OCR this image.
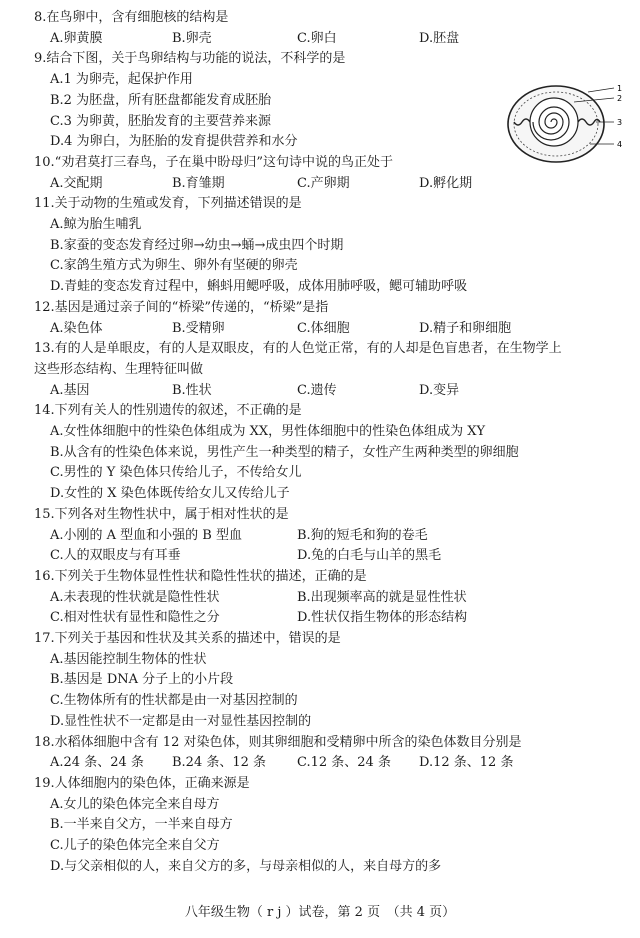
8.在鸟卵中，含有细胞核的结构是
A.卵黄膜	B.卵壳	C.卵白	D.胚盘
9.结合下图，关于鸟卵结构与功能的说法，不科学的是
A.1 为卵壳，起保护作用
B.2 为胚盘，所有胚盘都能发育成胚胎
C.3 为卵黄，胚胎发育的主要营养来源
D.4 为卵白，为胚胎的发育提供营养和水分
10.“劝君莫打三春鸟，子在巢中盼母归”这句诗中说的鸟正处于
A.交配期	B.育雏期	C.产卵期	D.孵化期
11.关于动物的生殖或发育，下列描述错误的是
A.鲸为胎生哺乳
B.家蚕的变态发育经过卵→幼虫→蛹→成虫四个时期
C.家鸽生殖方式为卵生、卵外有坚硬的卵壳
D.青蛙的变态发育过程中，蝌蚪用鳃呼吸，成体用肺呼吸，鳃可辅助呼吸
12.基因是通过亲子间的“桥梁”传递的，“桥梁”是指
A.染色体	B.受精卵	C.体细胞	D.精子和卵细胞
13.有的人是单眼皮，有的人是双眼皮，有的人色觉正常，有的人却是色盲患者，在生物学上
这些形态结构、生理特征叫做
A.基因	B.性状	C.遗传	D.变异
14.下列有关人的性别遗传的叙述，不正确的是
A.女性体细胞中的性染色体组成为 XX，男性体细胞中的性染色体组成为 XY
B.从含有的性染色体来说，男性产生一种类型的精子，女性产生两种类型的卵细胞
C.男性的 Y 染色体只传给儿子，不传给女儿
D.女性的 X 染色体既传给女儿又传给儿子
15.下列各对生物性状中，属于相对性状的是
A.小刚的 A 型血和小强的 B 型血	B.狗的短毛和狗的卷毛
C.人的双眼皮与有耳垂	D.兔的白毛与山羊的黑毛
16.下列关于生物体显性性状和隐性性状的描述，正确的是
A.未表现的性状就是隐性性状	B.出现频率高的就是显性性状
C.相对性状有显性和隐性之分	D.性状仅指生物体的形态结构
17.下列关于基因和性状及其关系的描述中，错误的是
A.基因能控制生物体的性状
B.基因是 DNA 分子上的小片段
C.生物体所有的性状都是由一对基因控制的
D.显性性状不一定都是由一对显性基因控制的
18.水稻体细胞中含有 12 对染色体，则其卵细胞和受精卵中所含的染色体数目分别是
A.24 条、24 条 B.24 条、12 条 C.12 条、24 条 D.12 条、12 条
19.人体细胞内的染色体，正确来源是
A.女儿的染色体完全来自母方
B.一半来自父方，一半来自母方
C.儿子的染色体完全来自父方
D.与父亲相似的人，来自父方的多，与母亲相似的人，来自母方的多
八年级生物（ r j ）试卷，第 2 页　（共 4 页）
1
2
3
4
